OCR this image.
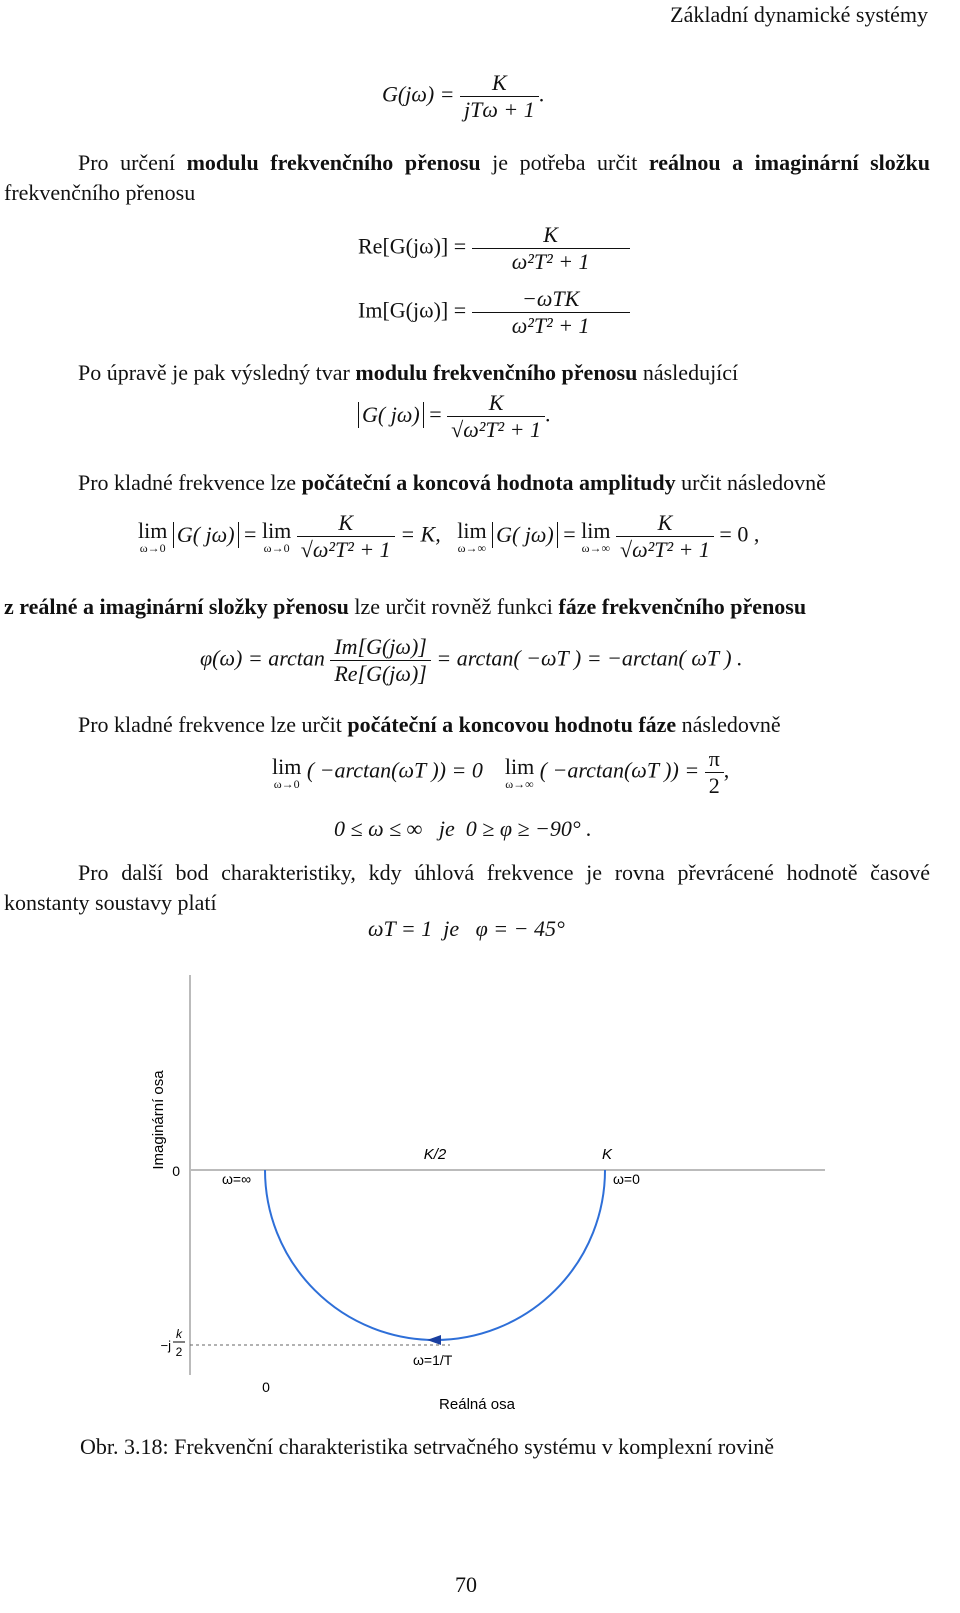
Základní dynamické systémy
$G(j\omega) = \frac{K}{\text{jTω + 1}}$ .
Pro určení modulu frekvenčního přenosu je potřeba určit reálnou a imaginární složku frekvenčního přenosu
$Re[G(j\omega)] = \frac{K}{\text{ω²T² + 1}}$
$Im[G(j\omega)] = \frac{\text{−ωTK}}{\text{ω²T² + 1}}$
Po úpravě je pak výsledný tvar modulu frekvenčního přenosu následující
G( $j\omega) = \frac{K}{\text{√ω²T² + 1}}$ .
Pro kladné frekvence lze počáteční a koncová hodnota amplitudy určit následovně
lim
ω→0
G( jω) = lim
ω→0
$\frac{K}{\text{√ω²T² + 1}} = K$, lim
ω→∞
G( jω) = lim
ω→∞
$\frac{K}{\text{√ω²T² + 1}} = 0$ ,
z reálné a imaginární složky přenosu lze určit rovněž funkci fáze frekvenčního přenosu
$\varphi(\omega) = \arctan \frac{Im[G(j\omega)]}{Re[G(j\omega)]} = \arctan( -\omega T$ ) = −arctan( ωT ) .
Pro kladné frekvence lze určit počáteční a koncovou hodnotu fáze následovně
lim
ω→0
( −arctan(ωT )) = 0 lim
ω→∞
( −arctan(ωT )) = $\frac{\pi}{2}$ ,
0 ≤ ω ≤ ∞   je  0 ≥ φ ≥ −90° .
Pro další bod charakteristiky, kdy úhlová frekvence je rovna převrácené hodnotě časové konstanty soustavy platí
ωT = 1  je   φ = − 45°
Imaginární osa
0
0
−j
k
2
K/2	K
ω=∞	ω=0
ω=1/T
Reálná osa
Obr. 3.18: Frekvenční charakteristika setrvačného systému v komplexní rovině
70
